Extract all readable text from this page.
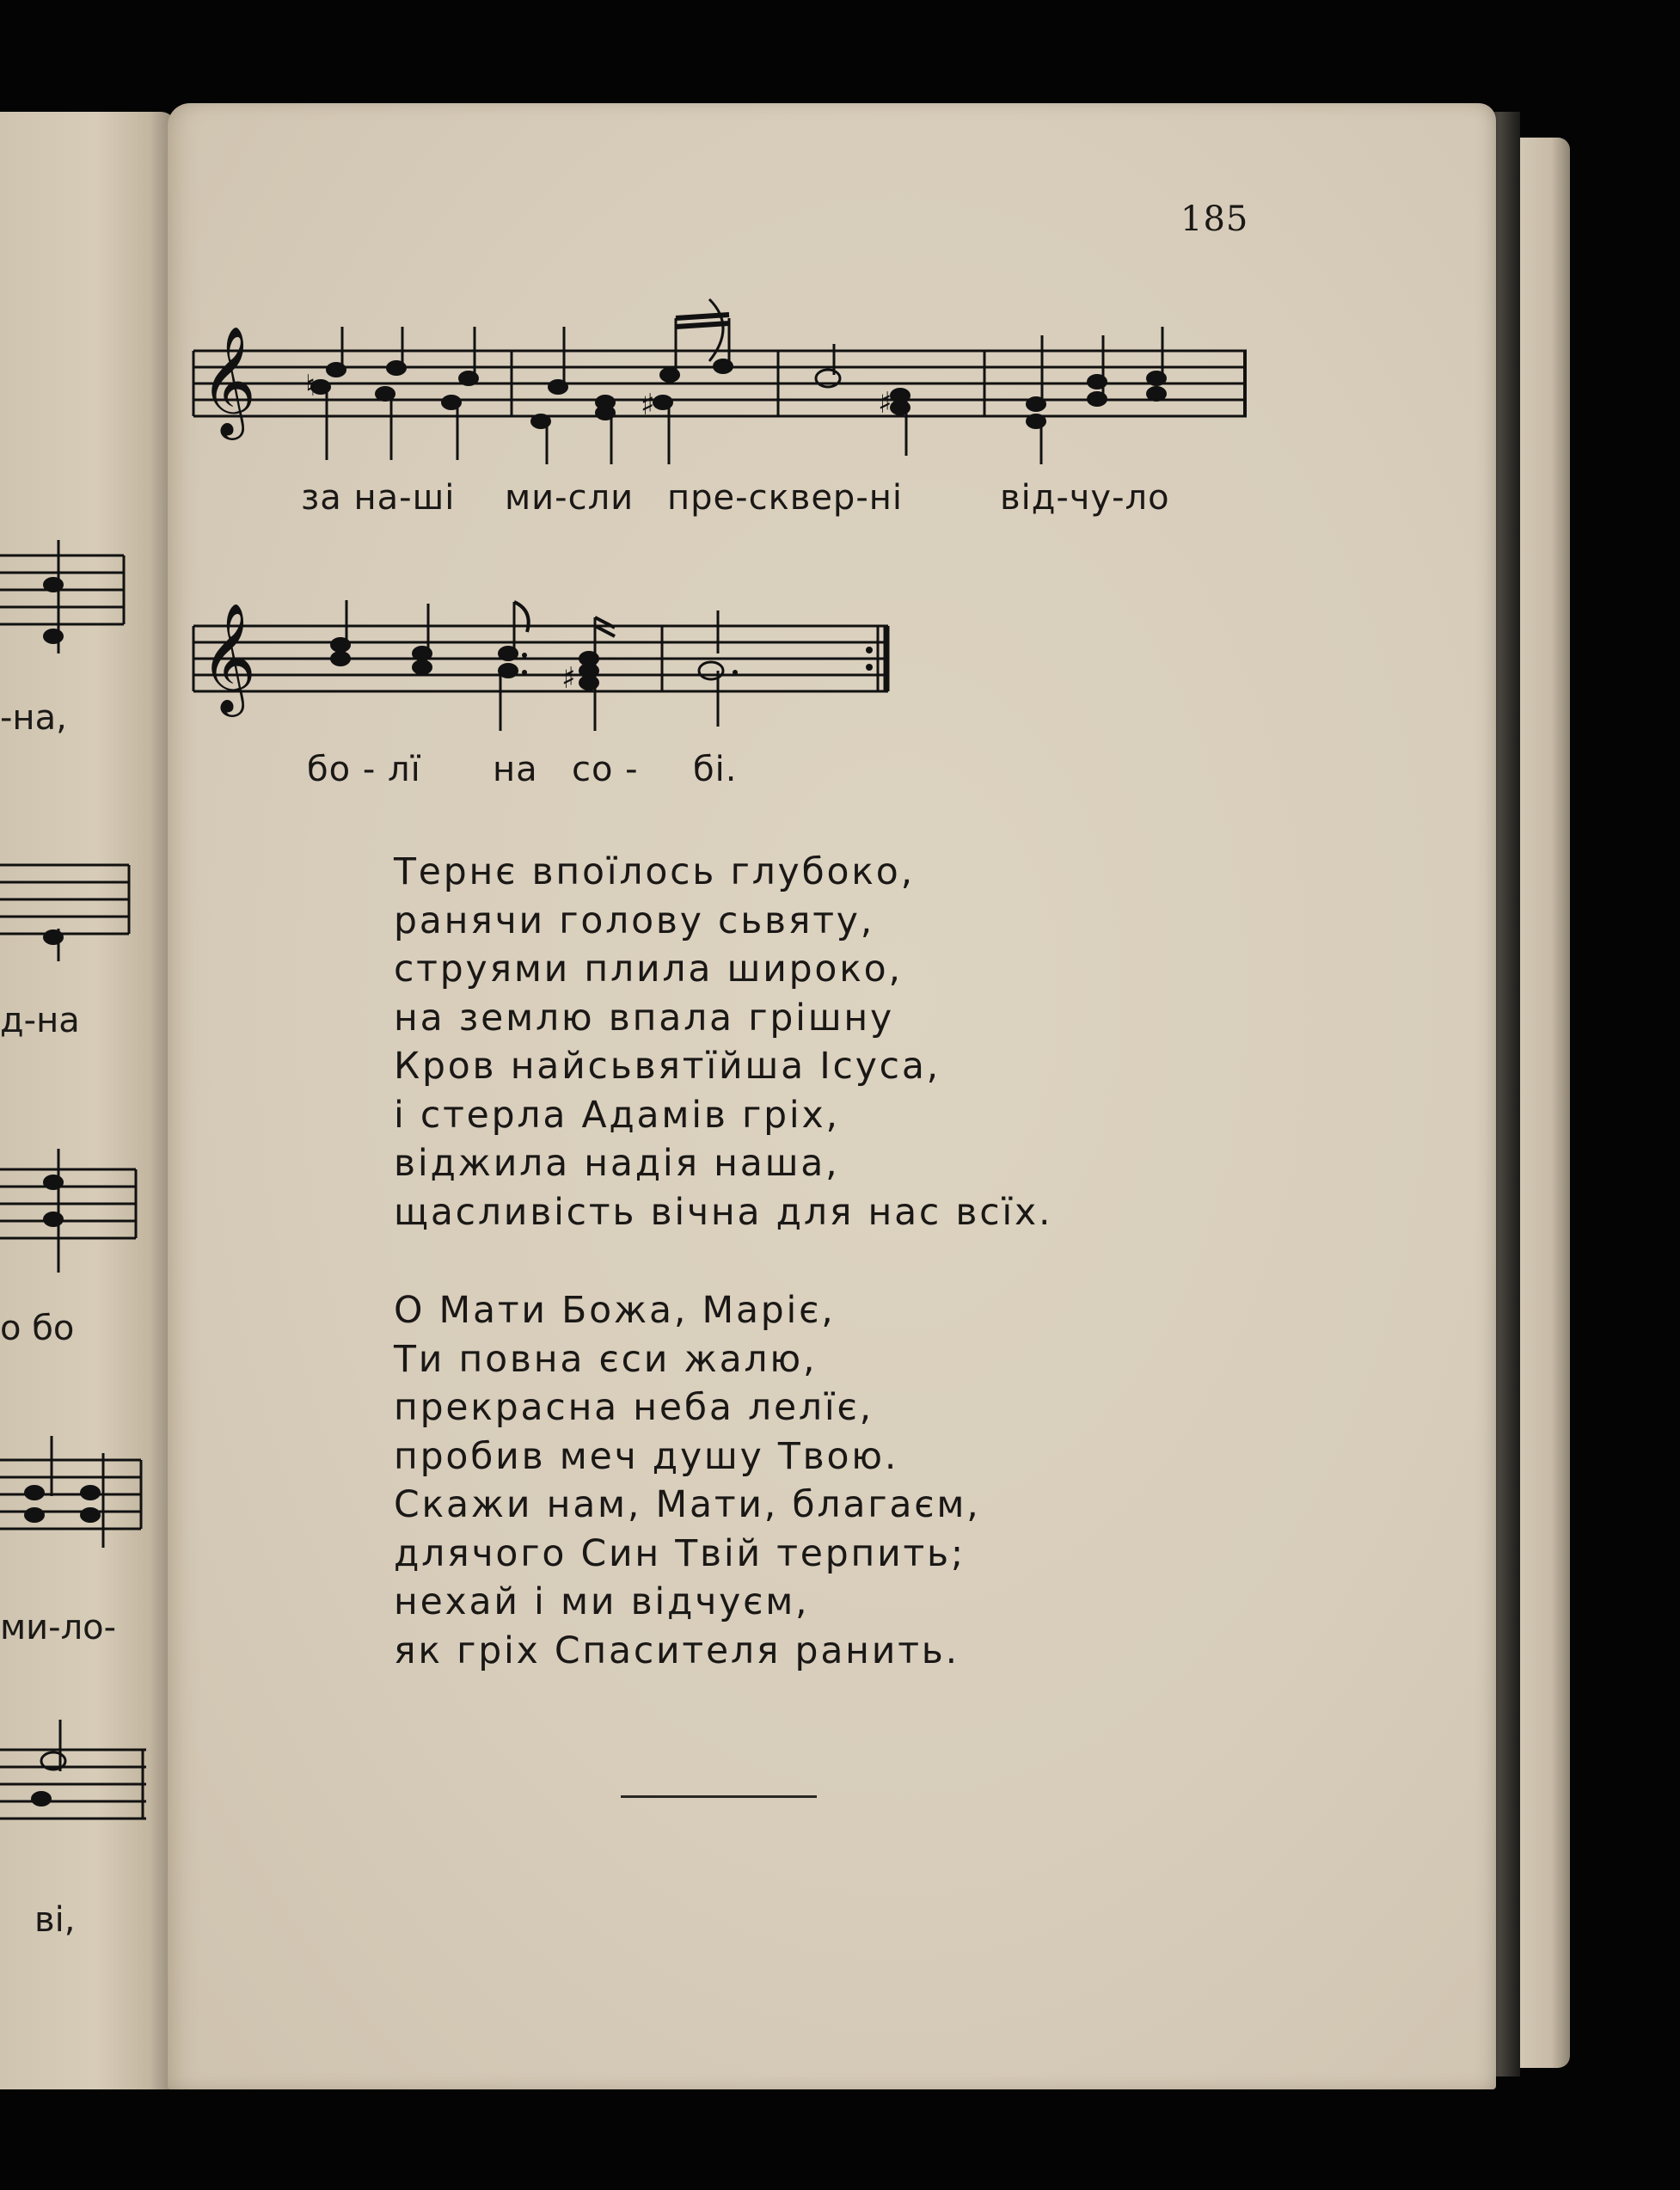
-на,
д-на
о бо
ми-ло-
ві,
185
𝄞 ♮
♯	♯
за на-ші ми-сли пре-сквер-ні	від-чу-ло
𝄞	♯
бо - лї на со - бі.
Тернє впоїлось глубоко,
ранячи голову сьвяту,
струями плила широко,
на землю впала грішну
Кров найсьвятїйша Ісуса,
і стерла Адамів гріх,
віджила надія наша,
щасливість вічна для нас всїх.
О Мати Божа, Маріє,
Ти повна єси жалю,
прекрасна неба лелїє,
пробив меч душу Твою.
Скажи нам, Мати, благаєм,
длячого Син Твій терпить;
нехай і ми відчуєм,
як гріх Спасителя ранить.
